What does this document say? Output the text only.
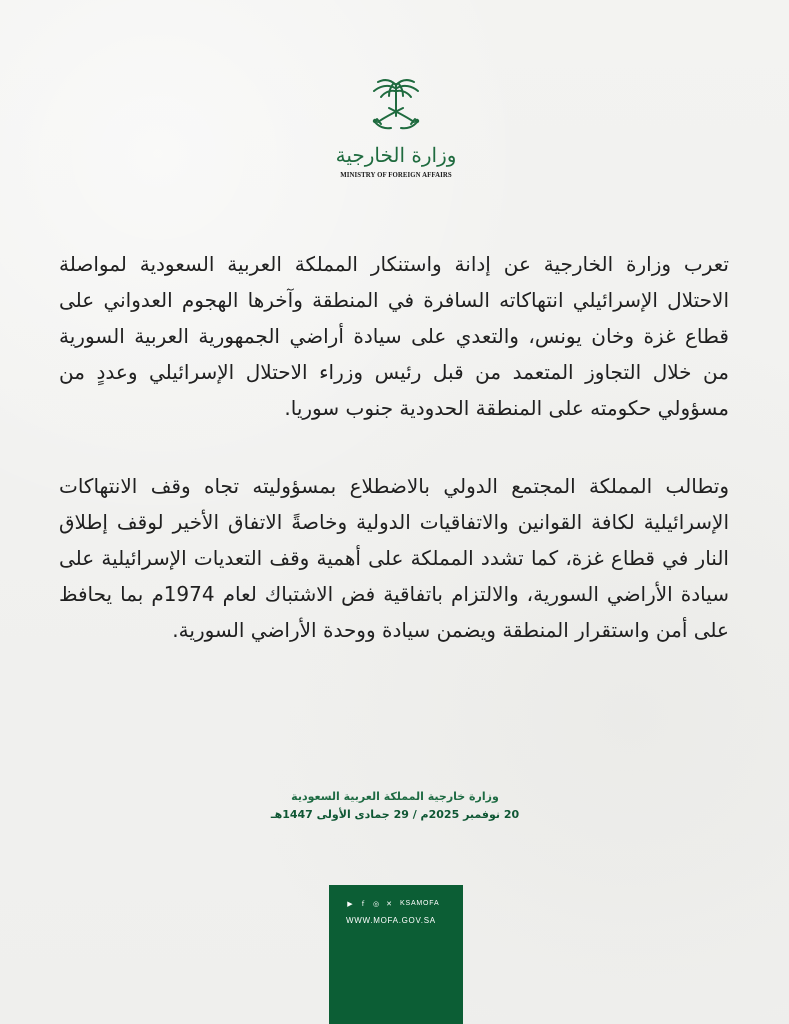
وزارة الخارجية
MINISTRY OF FOREIGN AFFAIRS

تعرب وزارة الخارجية عن إدانة واستنكار المملكة العربية السعودية لمواصلة الاحتلال الإسرائيلي انتهاكاته السافرة في المنطقة وآخرها الهجوم العدواني على قطاع غزة وخان يونس، والتعدي على سيادة أراضي الجمهورية العربية السورية من خلال التجاوز المتعمد من قبل رئيس وزراء الاحتلال الإسرائيلي وعددٍ من مسؤولي حكومته على المنطقة الحدودية جنوب سوريا.

وتطالب المملكة المجتمع الدولي بالاضطلاع بمسؤوليته تجاه وقف الانتهاكات الإسرائيلية لكافة القوانين والاتفاقيات الدولية وخاصةً الاتفاق الأخير لوقف إطلاق النار في قطاع غزة، كما تشدد المملكة على أهمية وقف التعديات الإسرائيلية على سيادة الأراضي السورية، والالتزام باتفاقية فض الاشتباك لعام 1974م بما يحافظ على أمن واستقرار المنطقة ويضمن سيادة ووحدة الأراضي السورية.

وزارة خارجية المملكة العربية السعودية
20 نوفمبر 2025م / 29 جمادى الأولى 1447هـ
▶	f	◎ ✕ KSAMOFA
WWW.MOFA.GOV.SA
